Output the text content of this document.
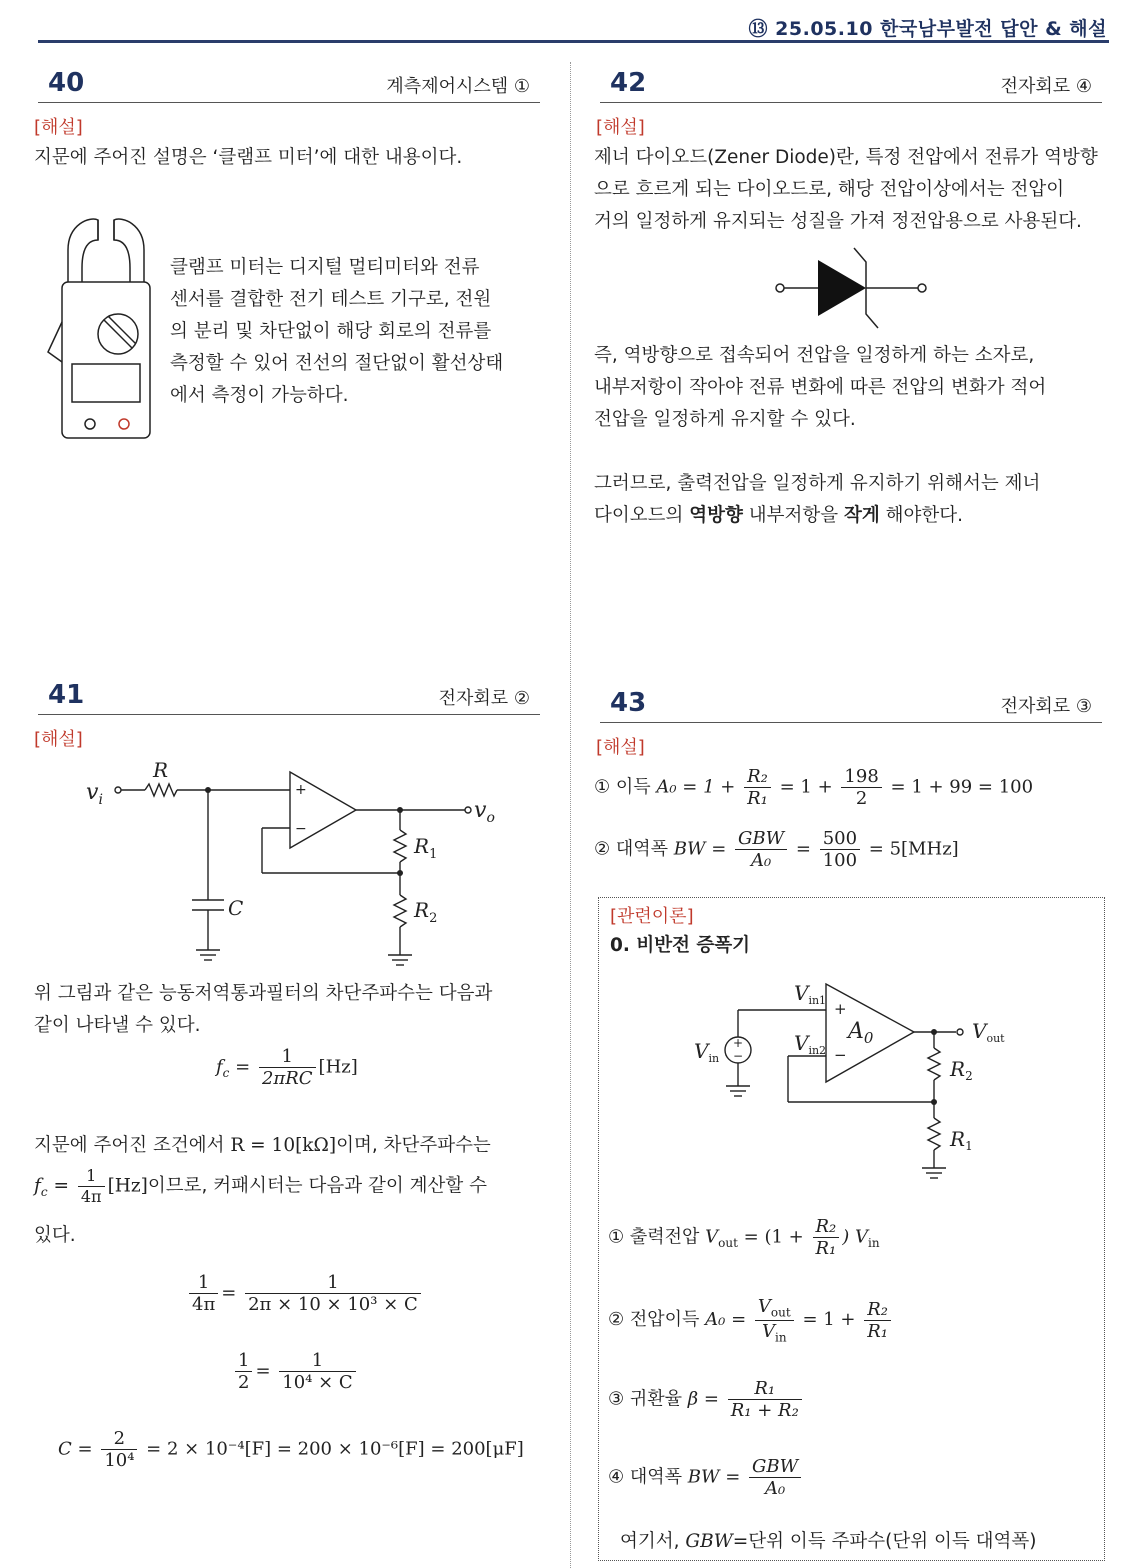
⑬ 25.05.10 한국남부발전 답안 & 해설
40	계측제어시스템 ①
[해설]
지문에 주어진 설명은 ‘클램프 미터’에 대한 내용이다.
클램프 미터는 디지털 멀티미터와 전류
센서를 결합한 전기 테스트 기구로, 전원
의 분리 및 차단없이 해당 회로의 전류를
측정할 수 있어 전선의 절단없이 활선상태
에서 측정이 가능하다.
41	전자회로 ②
[해설]
+
−
$v_i$
R
$v_o$
$R_1$
$R_2$
C
위 그림과 같은 능동저역통과필터의 차단주파수는 다음과
같이 나타낼 수 있다.
$f_c = \frac{1}{\text{2πRC}} [Hz]$
지문에 주어진 조건에서 R = 10[kΩ]이며, 차단주파수는
$f_c = \frac{1}{4\pi} [Hz]$이므로, 커패시터는 다음과 같이 계산할 수
있다.
$\frac{1}{4\pi} = \frac{1}{\text{2π × 10 × 10³ × C}}$
$\frac{1}{2} = \frac{1}{\text{10⁴ × C}}$
$C = \frac{2}{\text{10⁴}} = 2 \times 10^{-4}[F] = 200 \times 10^{-6}[F] = 200[\mu F]$
42	전자회로 ④
[해설]
제너 다이오드(Zener Diode)란, 특정 전압에서 전류가 역방향
으로 흐르게 되는 다이오드로, 해당 전압이상에서는 전압이
거의 일정하게 유지되는 성질을 가져 정전압용으로 사용된다.
즉, 역방향으로 접속되어 전압을 일정하게 하는 소자로,
내부저항이 작아야 전류 변화에 따른 전압의 변화가 적어
전압을 일정하게 유지할 수 있다.
그러므로, 출력전압을 일정하게 유지하기 위해서는 제너
다이오드의 역방향 내부저항을 작게 해야한다.
43	전자회로 ③
[해설]
① 이득 $A_0 = 1 + \frac{\text{R₂}}{\text{R₁}} = 1 + \frac{198}{2} = 1 + 99 = 100$
② 대역폭 BW = $\frac{\text{GBW}}{\text{A₀}} = \frac{500}{100} = 5[MHz]$
[관련이론]
0. 비반전 증폭기
+
−
+
−
$V_{in1}$
$V_{in2}$
$V_{in}$
$V_{out}$
$A_0$
$R_2$
$R_1$
① 출력전압 $V_{out} = (1 + \frac{\text{R₂}}{\text{R₁}}$ ) $V_{in}$
② 전압이득 $A_0 = \frac{V_{out}}{V_{in}} = 1 + \frac{\text{R₂}}{\text{R₁}}$
③ 귀환율 $\beta = \frac{\text{R₁}}{\text{R₁ + R₂}}$
④ 대역폭 BW = $\frac{\text{GBW}}{\text{A₀}}$
여기서, GBW=단위 이득 주파수(단위 이득 대역폭)
